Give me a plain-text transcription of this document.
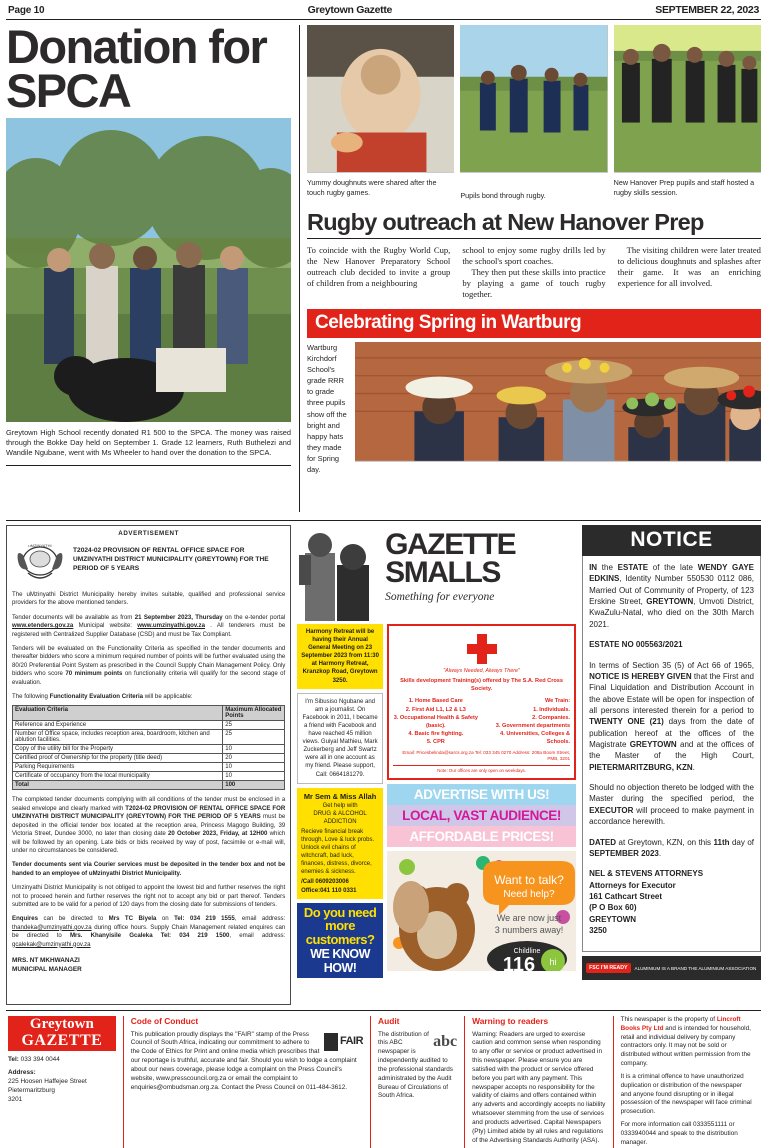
Page 10	Greytown Gazette	SEPTEMBER 22, 2023
Donation for
SPCA
Greytown High School recently donated R1 500 to the SPCA. The money was raised through the Bokke Day held on September 1. Grade 12 learners, Ruth Buthelezi and Wandile Ngubane, went with Ms Wheeler to hand over the donation to the SPCA.
Yummy doughnuts were shared after the touch rugby games.	Pupils bond through rugby.
New Hanover Prep pupils and staff hosted a rugby skills session.
Rugby outreach at New Hanover Prep

To coincide with the Rugby World Cup, the New Hanover Preparatory School outreach club decided to invite a group of children from a neighbouring

school to enjoy some rugby drills led by the school's sport coaches.

They then put these skills into practice by playing a game of touch rugby together.

The visiting children were later treated to delicious doughnuts and splashes after their game. It was an enriching experience for all involved.

Celebrating Spring in Wartburg
Wartburg Kirchdorf School's grade RRR to grade three pupils show off the bright and happy hats they made for Spring day.
ADVERTISEMENT
uMZINYATHI
T2024-02 PROVISION OF RENTAL OFFICE SPACE FOR UMZINYATHI DISTRICT MUNICIPALITY (GREYTOWN) FOR THE PERIOD OF 5 YEARS
The uMzinyathi District Municipality hereby invites suitable, qualified and professional service providers for the above mentioned tenders.
Tender documents will be available as from 21 September 2023, Thursday on the e-tender portal www.etenders.gov.za Municipal website: www.umzinyathi.gov.za . All tenderers must be registered with Centralized Supplier Database (CSD) and must be Tax Compliant.
Tenders will be evaluated on the Functionality Criteria as specified in the tender documents and thereafter bidders who score a minimum required number of points will be further evaluated using the 80/20 Preferential Point System as prescribed in the Council Supply Chain Management Policy. Only bidders who score 70 minimum points on functionality criteria will qualify for the second stage of evaluation.
The following Functionality Evaluation Criteria will be applicable:
Evaluation Criteria	Maximum Allocated Points
Reference and Experience	25
Number of Office space, includes reception area, boardroom, kitchen and ablution facilities.	25
Copy of the utility bill for the Property	10
Certified proof of Ownership for the property (title deed)	20
Parking Requirements	10
Certificate of occupancy from the local municipality	10
Total	100
The completed tender documents complying with all conditions of the tender must be enclosed in a sealed envelope and clearly marked with T2024-02 PROVISION OF RENTAL OFFICE SPACE FOR UMZINYATHI DISTRICT MUNICIPALITY (GREYTOWN) FOR THE PERIOD OF 5 YEARS must be deposited in the official tender box located at the reception area, Princess Magogo Building, 39 Victoria Street, Dundee 3000, no later than closing date 20 October 2023, Friday, at 12H00 which will be followed by an opening. Late bids or bids received by way of post, facsimile or e-mail will, under no circumstances be considered.
Tender documents sent via Courier services must be deposited in the tender box and not be handed to an employee of uMzinyathi District Municipality.
Umzinyathi District Municipality is not obliged to appoint the lowest bid and further reserves the right not to proceed herein and further reserves the right not to accept any bid or part thereof. Tenders submitted are to be valid for a period of 120 days from the closing date for submissions of tenders.
Enquires can be directed to Mrs TC Biyela on Tel: 034 219 1555, email address: thandeka@umzinyathi.gov.za during office hours. Supply Chain Management related enquires can be directed to Mrs. Khanyisile Gcaleka Tel: 034 219 1500, email address: gcalekak@umzinyathi.gov.za
MRS. NT MKHWANAZI
MUNICIPAL MANAGER
GAZETTE
SMALLS
Something for everyone
Harmony Retreat will be having their Annual General Meeting on 23 September 2023 from 11:30 at Harmony Retreat, Kranzkop Road, Greytown 3250.
I'm Sibusiso Ngubane and am a journalist. On Facebook in 2011, I became a friend with Facebook and have reached 45 million views. Guiyal Mathieu, Mark Zuckerberg and Jeff Swartz were all in one account as my friend. Please support, Call: 0664181279.
Mr Sem & Miss Allah
Get help with
DRUG & ALCOHOL ADDICTION
Recieve financial break through, Love & luck probs. Unlock evil chains of witchcraft, bad luck, finances, distress, divorce, enemies & sickness.
/Call 0609203006
Office:041 110 0331
Do you need more
customers?
WE KNOW HOW!
"Always Needed, Always There"
Skills development Training(s) offered by The S.A. Red Cross Society.
1. Home Based Care
2. First Aid L1, L2 & L3
3. Occupational Health & Safety (basic).
4. Basic fire fighting.
5. CPR
We Train:
1. Individuals.
2. Companies.
3. Government departments
4. Universities, Colleges & Schools.
Email: Pricesbelinda@sarcs.org.za Tel: 033 345 0270 Address: 208a Boom Street, PMB, 3201
Note: Our offices are only open on weekdays.
ADVERTISE WITH US!
LOCAL, VAST AUDIENCE!
AFFORDABLE PRICES!
Want to talk?
Need help?
We are now just
3 numbers away!
Childline
116 hi
NOTICE
IN the ESTATE of the late WENDY GAYE EDKINS, Identity Number 550530 0112 086, Married Out of Community of Property, of 123 Erskine Street, GREYTOWN, Umvoti District, KwaZulu-Natal, who died on the 30th March 2021.
ESTATE NO 005563/2021
In terms of Section 35 (5) of Act 66 of 1965, NOTICE IS HEREBY GIVEN that the First and Final Liquidation and Distribution Account in the above Estate will be open for inspection of all persons interested therein for a period to TWENTY ONE (21) days from the date of publication hereof at the offices of the Magistrate GREYTOWN and at the offices of the Master of the High Court, PIETERMARITZBURG, KZN.
Should no objection thereto be lodged with the Master during the specified period, the EXECUTOR will proceed to make payment in accordance herewith.
DATED at Greytown, KZN, on this 11th day of SEPTEMBER 2023.
NEL & STEVENS ATTORNEYS
Attorneys for Executor
161 Cathcart Street
(P O Box 60)
GREYTOWN
3250
FSC I'M READY	ALUMINIUM IS A BRAND THE ALUMINIUM ASSOCIATION
Greytown
GAZETTE
Tel: 033 394 0044
Address:
225 Hoosen Haffejee Street
Pietermaritzburg
3201
Code of Conduct
FAIR
This publication proudly displays the "FAIR" stamp of the Press Council of South Africa, indicating our commitment to adhere to the Code of Ethics for Print and online media which prescribes that our reportage is truthful, accurate and fair. Should you wish to lodge a complaint about our news coverage, please lodge a complaint on the Press Council's website, www.presscouncil.org.za or email the complaint to enquiries@ombudsman.org.za. Contact the Press Council on 011-484-3612.
Audit
abc
The distribution of this ABC newspaper is independently audited to the professional standards administrated by the Audit Bureau of Circulations of South Africa.
Warning to readers
Warning: Readers are urged to exercise caution and common sense when responding to any offer or service or product advertised in this newspaper. Please ensure you are satisfied with the product or service offered before you part with any payment. This newspaper accepts no responsibility for the validity of claims and offers contained within any adverts and accordingly accepts no liability whatsoever stemming from the use of services and products advertised. Capital Newspapers (Pty) Limited abide by all rules and regulations of the Advertising Standards Authority (ASA).
This newspaper is the property of Lincroft Books Pty Ltd and is intended for household, retail and individual delivery by company contractors only. It may not be sold or distributed without written permission from the company.
It is a criminal offence to have unauthorized duplication or distribution of the newspaper and anyone found disrupting or in illegal possession of the newspaper will face criminal prosecution.
For more information call 0333551111 or 0333940044 and speak to the distribution manager.
